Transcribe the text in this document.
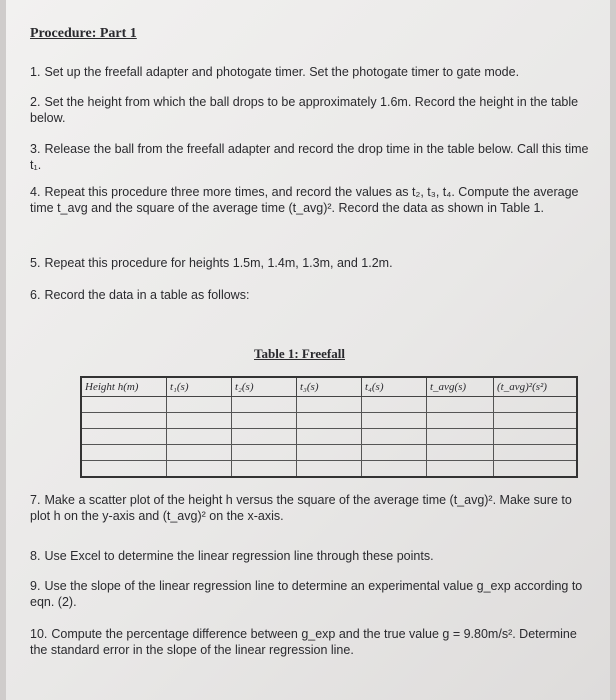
Procedure: Part 1
1. Set up the freefall adapter and photogate timer. Set the photogate timer to gate mode.
2. Set the height from which the ball drops to be approximately 1.6m. Record the height in the table below.
3. Release the ball from the freefall adapter and record the drop time in the table below. Call this time t₁.
4. Repeat this procedure three more times, and record the values as t₂, t₃, t₄. Compute the average time t_avg and the square of the average time (t_avg)². Record the data as shown in Table 1.
5. Repeat this procedure for heights 1.5m, 1.4m, 1.3m, and 1.2m.
6. Record the data in a table as follows:
Table 1: Freefall
Height h(m)	t₁(s)	t₂(s)	t₃(s)	t₄(s)	t_avg(s)	(t_avg)²(s²)

7. Make a scatter plot of the height h versus the square of the average time (t_avg)². Make sure to plot h on the y-axis and (t_avg)² on the x-axis.
8. Use Excel to determine the linear regression line through these points.
9. Use the slope of the linear regression line to determine an experimental value g_exp according to eqn. (2).
10. Compute the percentage difference between g_exp and the true value g = 9.80m/s². Determine the standard error in the slope of the linear regression line.
